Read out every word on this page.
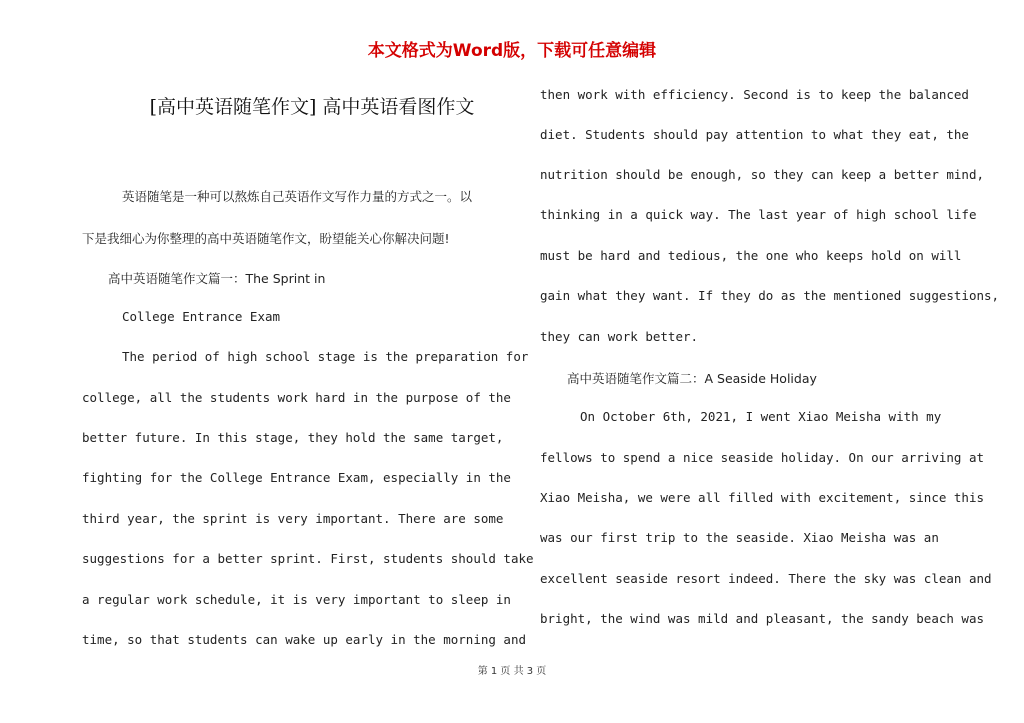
本文格式为Word版，下载可任意编辑
[高中英语随笔作文] 高中英语看图作文
英语随笔是一种可以熬炼自己英语作文写作力量的方式之一。以
下是我细心为你整理的高中英语随笔作文，盼望能关心你解决问题!
高中英语随笔作文篇一：The Sprint in
College Entrance Exam
The period of high school stage is the preparation for
college, all the students work hard in the purpose of the
better future. In this stage, they hold the same target,
fighting for the College Entrance Exam, especially in the
third year, the sprint is very important. There are some
suggestions for a better sprint. First, students should take
a regular work schedule, it is very important to sleep in
time, so that students can wake up early in the morning and
then work with efficiency. Second is to keep the balanced
diet. Students should pay attention to what they eat, the
nutrition should be enough, so they can keep a better mind,
thinking in a quick way. The last year of high school life
must be hard and tedious, the one who keeps hold on will
gain what they want. If they do as the mentioned suggestions,
they can work better.
高中英语随笔作文篇二：A Seaside Holiday
On October 6th, 2021, I went Xiao Meisha with my
fellows to spend a nice seaside holiday. On our arriving at
Xiao Meisha, we were all filled with excitement, since this
was our first trip to the seaside. Xiao Meisha was an
excellent seaside resort indeed. There the sky was clean and
bright, the wind was mild and pleasant, the sandy beach was
第 1 页 共 3 页
